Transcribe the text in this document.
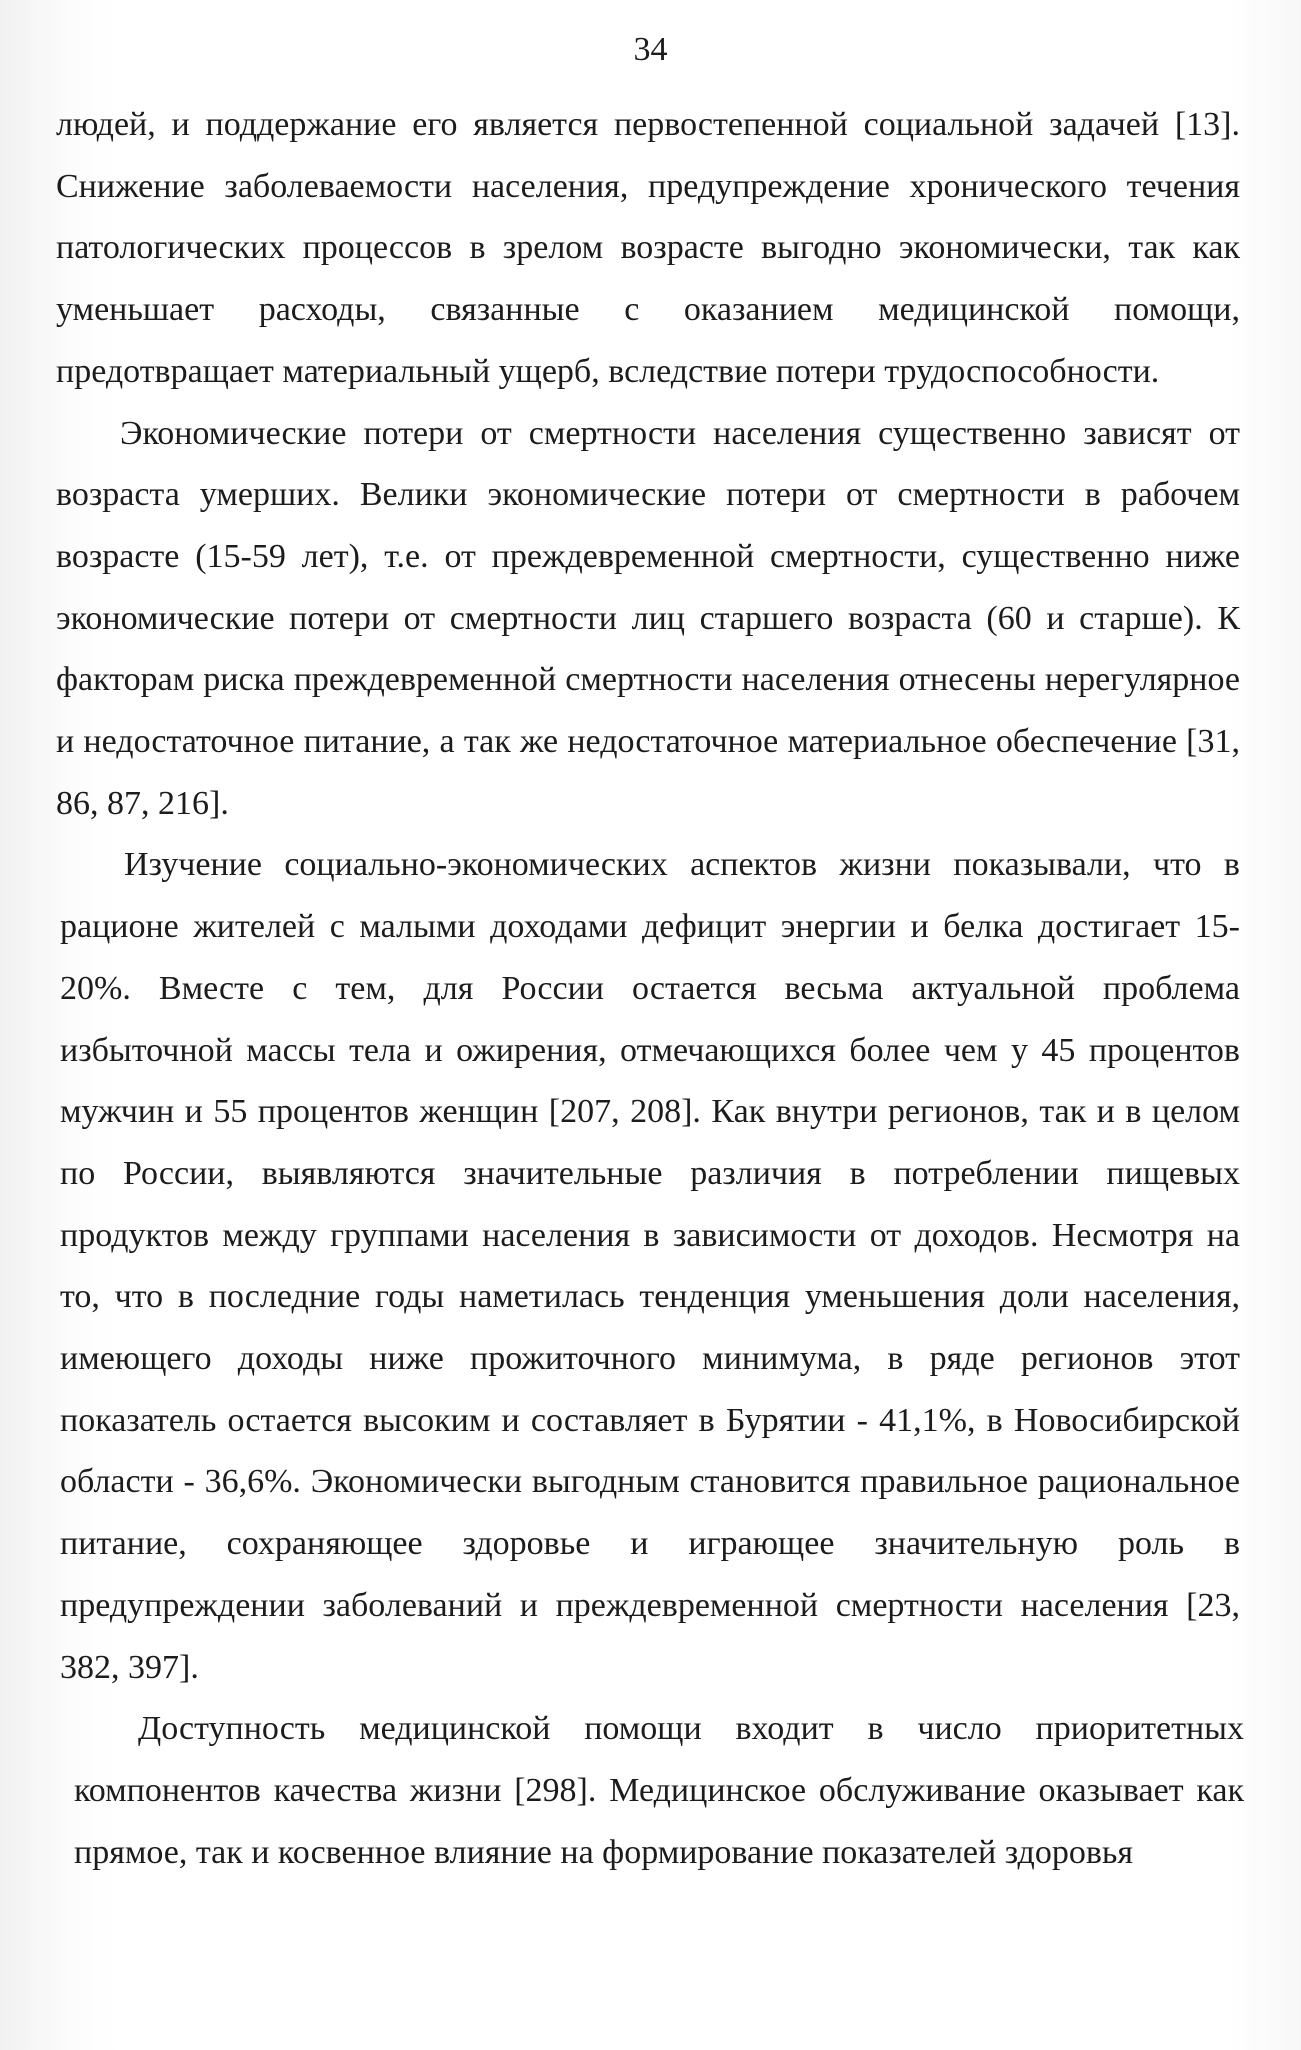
34

людей, и поддержание его является первостепенной социальной задачей [13]. Снижение заболеваемости населения, предупреждение хронического течения патологических процессов в зрелом возрасте выгодно экономически, так как уменьшает расходы, связанные с оказанием медицинской помощи, предотвращает материальный ущерб, вследствие потери трудоспособности.

Экономические потери от смертности населения существенно зависят от возраста умерших. Велики экономические потери от смертности в рабочем возрасте (15-59 лет), т.е. от преждевременной смертности, существенно ниже экономические потери от смертности лиц старшего возраста (60 и старше). К факторам риска преждевременной смертности населения отнесены нерегулярное и недостаточное питание, а так же недостаточное материальное обеспечение [31, 86, 87, 216].

Изучение социально-экономических аспектов жизни показывали, что в рационе жителей с малыми доходами дефицит энергии и белка достигает 15-20%. Вместе с тем, для России остается весьма актуальной проблема избыточной массы тела и ожирения, отмечающихся более чем у 45 процентов мужчин и 55 процентов женщин [207, 208]. Как внутри регионов, так и в целом по России, выявляются значительные различия в потреблении пищевых продуктов между группами населения в зависимости от доходов. Несмотря на то, что в последние годы наметилась тенденция уменьшения доли населения, имеющего доходы ниже прожиточного минимума, в ряде регионов этот показатель остается высоким и составляет в Бурятии - 41,1%, в Новосибирской области - 36,6%. Экономически выгодным становится правильное рациональное питание, сохраняющее здоровье и играющее значительную роль в предупреждении заболеваний и преждевременной смертности населения [23, 382, 397].

Доступность медицинской помощи входит в число приоритетных компонентов качества жизни [298]. Медицинское обслуживание оказывает как прямое, так и косвенное влияние на формирование показателей здоровья
